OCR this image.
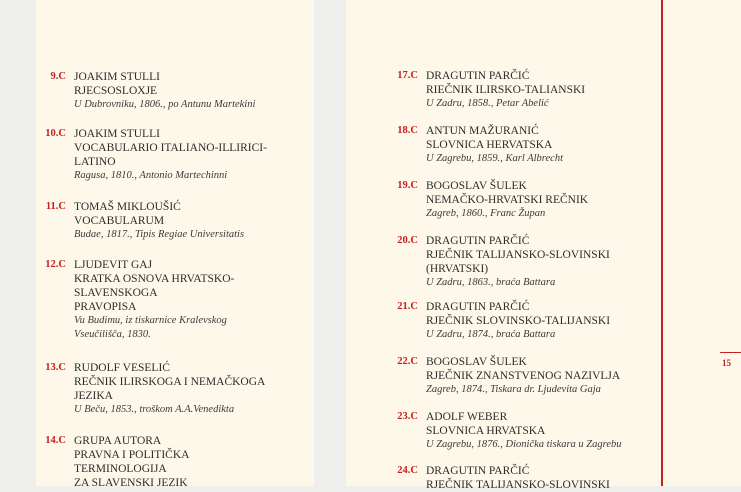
15
9.C JOAKIM STULLI
RJECSOSLOXJE
U Dubrovniku, 1806., po Antunu Martekini
10.C JOAKIM STULLI
VOCABULARIO ITALIANO-ILLIRICI-
LATINO
Ragusa, 1810., Antonio Martechinni
11.C TOMAŠ MIKLOUŠIĆ
VOCABULARUM
Budae, 1817., Tipis Regiae Universitatis
12.C LJUDEVIT GAJ
KRATKA OSNOVA HRVATSKO-
SLAVENSKOGA
PRAVOPISA
Vu Budimu, iz tiskarnice Kralevskog
Vseučilišča, 1830.
13.C RUDOLF VESELIĆ
REČNIK ILIRSKOGA I NEMAČKOGA
JEZIKA
U Beču, 1853., troškom A.A.Venedikta
14.C GRUPA AUTORA
PRAVNA I POLITIČKA
TERMINOLOGIJA
ZA SLAVENSKI JEZIK
17.C DRAGUTIN PARČIĆ
RIEČNIK ILIRSKO-TALIANSKI
U Zadru, 1858., Petar Abelić
18.C ANTUN MAŽURANIĆ
SLOVNICA HERVATSKA
U Zagrebu, 1859., Karl Albrecht
19.C BOGOSLAV ŠULEK
NEMAČKO-HRVATSKI REČNIK
Zagreb, 1860., Franc Župan
20.C DRAGUTIN PARČIĆ
RJEČNIK TALIJANSKO-SLOVINSKI
(HRVATSKI)
U Zadru, 1863., braća Battara
21.C DRAGUTIN PARČIĆ
RJEČNIK SLOVINSKO-TALIJANSKI
U Zadru, 1874., braća Battara
22.C BOGOSLAV ŠULEK
RJEČNIK ZNANSTVENOG NAZIVLJA
Zagreb, 1874., Tiskara dr. Ljudevita Gaja
23.C ADOLF WEBER
SLOVNICA HRVATSKA
U Zagrebu, 1876., Dionička tiskara u Zagrebu
24.C DRAGUTIN PARČIĆ
RJEČNIK TALIJANSKO-SLOVINSKI
